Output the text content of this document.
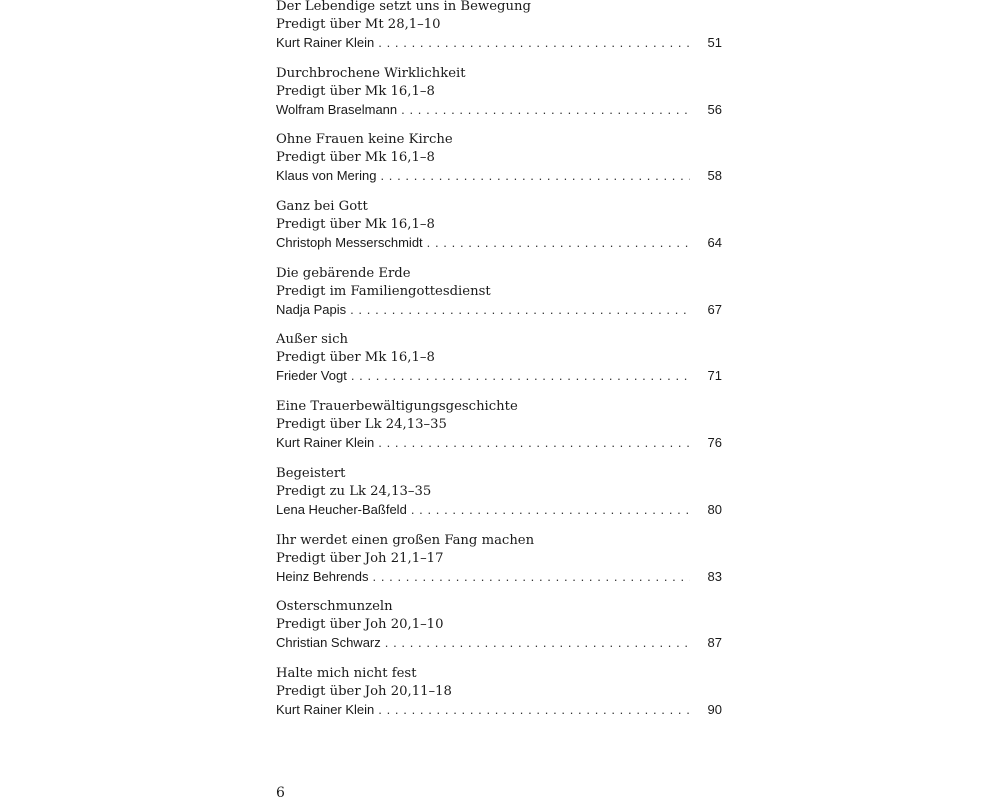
Der Lebendige setzt uns in Bewegung
Predigt über Mt 28,1–10
Kurt Rainer Klein . . .	51
Durchbrochene Wirklichkeit
Predigt über Mk 16,1–8
Wolfram Braselmann . . .	56
Ohne Frauen keine Kirche
Predigt über Mk 16,1–8
Klaus von Mering . . .	58
Ganz bei Gott
Predigt über Mk 16,1–8
Christoph Messerschmidt . . .	64
Die gebärende Erde
Predigt im Familiengottesdienst
Nadja Papis . . .	67
Außer sich
Predigt über Mk 16,1–8
Frieder Vogt . . .	71
Eine Trauerbewältigungsgeschichte
Predigt über Lk 24,13–35
Kurt Rainer Klein . . .	76
Begeistert
Predigt zu Lk 24,13–35
Lena Heucher-Baßfeld . . .	80
Ihr werdet einen großen Fang machen
Predigt über Joh 21,1–17
Heinz Behrends . . .	83
Osterschmunzeln
Predigt über Joh 20,1–10
Christian Schwarz . . .	87
Halte mich nicht fest
Predigt über Joh 20,11–18
Kurt Rainer Klein . . .	90
6
